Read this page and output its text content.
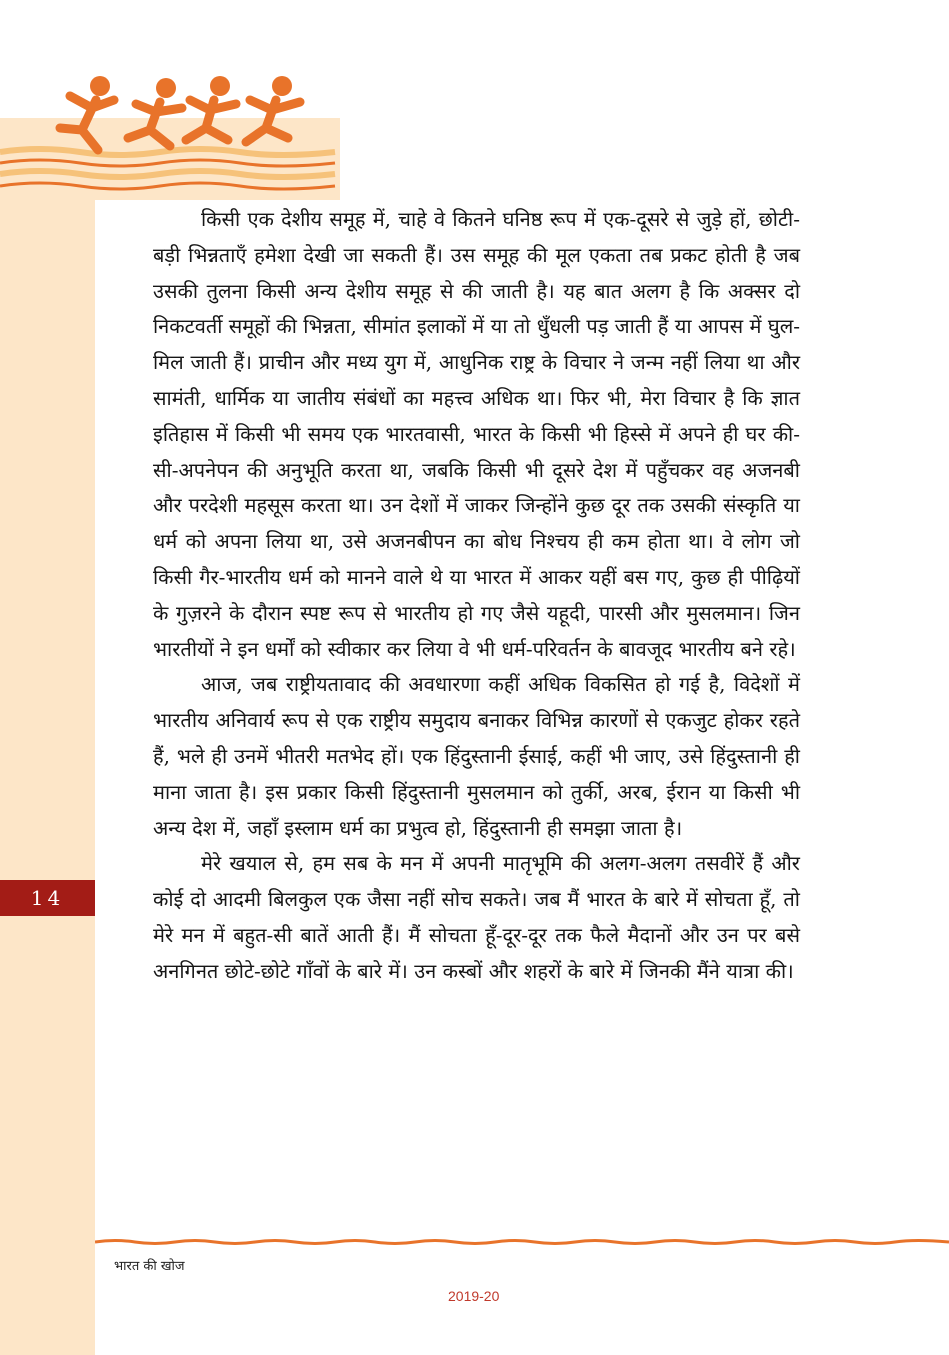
14

किसी एक देशीय समूह में, चाहे वे कितने घनिष्ठ रूप में एक-दूसरे से जुड़े हों, छोटी-बड़ी भिन्नताएँ हमेशा देखी जा सकती हैं। उस समूह की मूल एकता तब प्रकट होती है जब उसकी तुलना किसी अन्य देशीय समूह से की जाती है। यह बात अलग है कि अक्सर दो निकटवर्ती समूहों की भिन्नता, सीमांत इलाकों में या तो धुँधली पड़ जाती हैं या आपस में घुल-मिल जाती हैं। प्राचीन और मध्य युग में, आधुनिक राष्ट्र के विचार ने जन्म नहीं लिया था और सामंती, धार्मिक या जातीय संबंधों का महत्त्व अधिक था। फिर भी, मेरा विचार है कि ज्ञात इतिहास में किसी भी समय एक भारतवासी, भारत के किसी भी हिस्से में अपने ही घर की-सी-अपनेपन की अनुभूति करता था, जबकि किसी भी दूसरे देश में पहुँचकर वह अजनबी और परदेशी महसूस करता था। उन देशों में जाकर जिन्होंने कुछ दूर तक उसकी संस्कृति या धर्म को अपना लिया था, उसे अजनबीपन का बोध निश्चय ही कम होता था। वे लोग जो किसी गैर-भारतीय धर्म को मानने वाले थे या भारत में आकर यहीं बस गए, कुछ ही पीढ़ियों के गुज़रने के दौरान स्पष्ट रूप से भारतीय हो गए जैसे यहूदी, पारसी और मुसलमान। जिन भारतीयों ने इन धर्मों को स्वीकार कर लिया वे भी धर्म-परिवर्तन के बावजूद भारतीय बने रहे।

आज, जब राष्ट्रीयतावाद की अवधारणा कहीं अधिक विकसित हो गई है, विदेशों में भारतीय अनिवार्य रूप से एक राष्ट्रीय समुदाय बनाकर विभिन्न कारणों से एकजुट होकर रहते हैं, भले ही उनमें भीतरी मतभेद हों। एक हिंदुस्तानी ईसाई, कहीं भी जाए, उसे हिंदुस्तानी ही माना जाता है। इस प्रकार किसी हिंदुस्तानी मुसलमान को तुर्की, अरब, ईरान या किसी भी अन्य देश में, जहाँ इस्लाम धर्म का प्रभुत्व हो, हिंदुस्तानी ही समझा जाता है।

मेरे खयाल से, हम सब के मन में अपनी मातृभूमि की अलग-अलग तसवीरें हैं और कोई दो आदमी बिलकुल एक जैसा नहीं सोच सकते। जब मैं भारत के बारे में सोचता हूँ, तो मेरे मन में बहुत-सी बातें आती हैं। मैं सोचता हूँ-दूर-दूर तक फैले मैदानों और उन पर बसे अनगिनत छोटे-छोटे गाँवों के बारे में। उन कस्बों और शहरों के बारे में जिनकी मैंने यात्रा की।

भारत की खोज
2019-20
